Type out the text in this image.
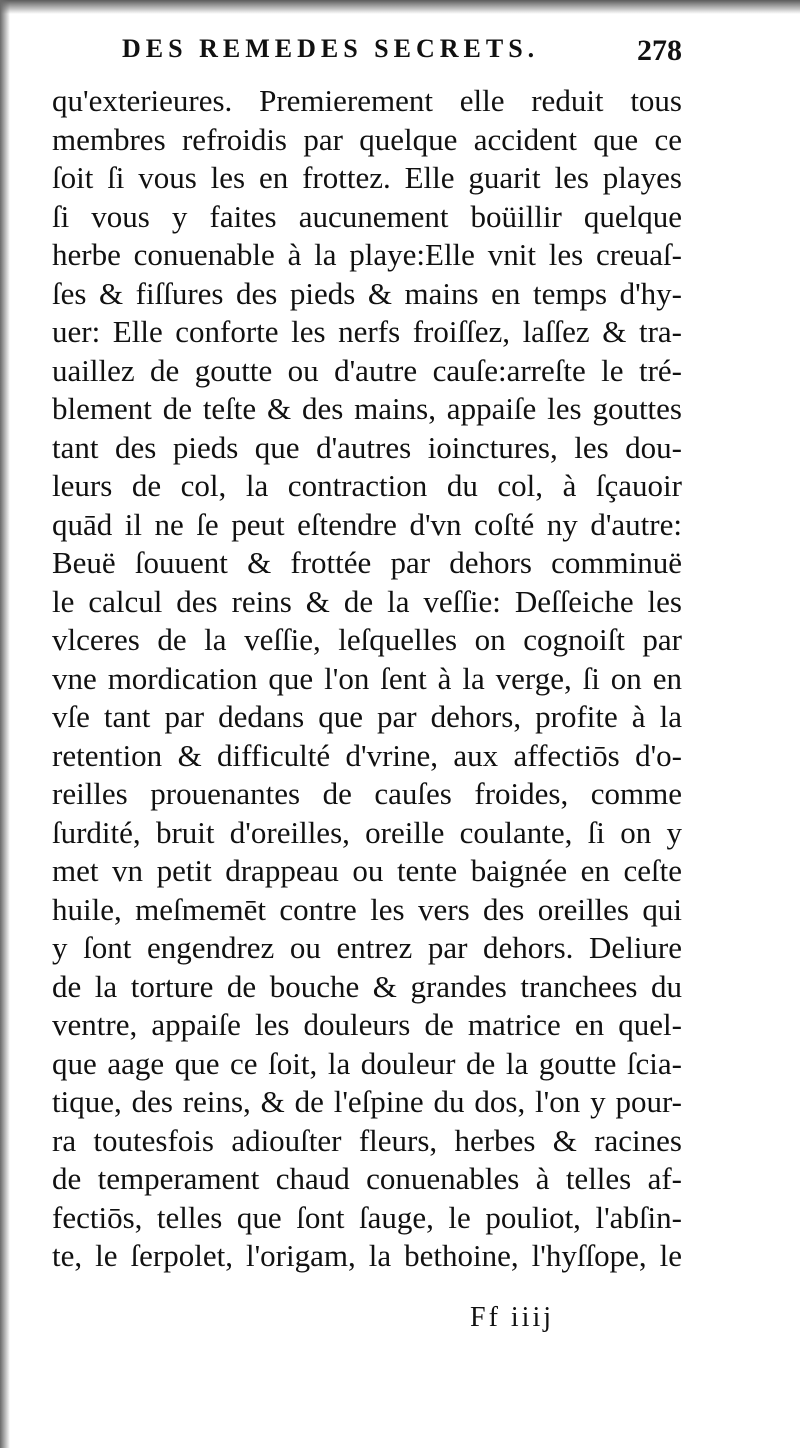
DES REMEDES SECRETS.	278
qu'exterieures. Premierement elle reduit tous
membres refroidis par quelque accident que ce
ſoit ſi vous les en frottez. Elle guarit les playes
ſi vous y faites aucunement boüillir quelque
herbe conuenable à la playe:Elle vnit les creuaſ-
ſes & fiſſures des pieds & mains en temps d'hy-
uer: Elle conforte les nerfs froiſſez, laſſez & tra-
uaillez de goutte ou d'autre cauſe:arreſte le tré-
blement de teſte & des mains, appaiſe les gouttes
tant des pieds que d'autres ioinctures, les dou-
leurs de col, la contraction du col, à ſçauoir
quād il ne ſe peut eſtendre d'vn coſté ny d'autre:
Beuë ſouuent & frottée par dehors comminuë
le calcul des reins & de la veſſie: Deſſeiche les
vlceres de la veſſie, leſquelles on cognoiſt par
vne mordication que l'on ſent à la verge, ſi on en
vſe tant par dedans que par dehors, profite à la
retention & difficulté d'vrine, aux affectiōs d'o-
reilles prouenantes de cauſes froides, comme
ſurdité, bruit d'oreilles, oreille coulante, ſi on y
met vn petit drappeau ou tente baignée en ceſte
huile, meſmemēt contre les vers des oreilles qui
y ſont engendrez ou entrez par dehors. Deliure
de la torture de bouche & grandes tranchees du
ventre, appaiſe les douleurs de matrice en quel-
que aage que ce ſoit, la douleur de la goutte ſcia-
tique, des reins, & de l'eſpine du dos, l'on y pour-
ra toutesfois adiouſter fleurs, herbes & racines
de temperament chaud conuenables à telles af-
fectiōs, telles que ſont ſauge, le pouliot, l'abſin-
te, le ſerpolet, l'origam, la bethoine, l'hyſſope, le
Ff iiij
